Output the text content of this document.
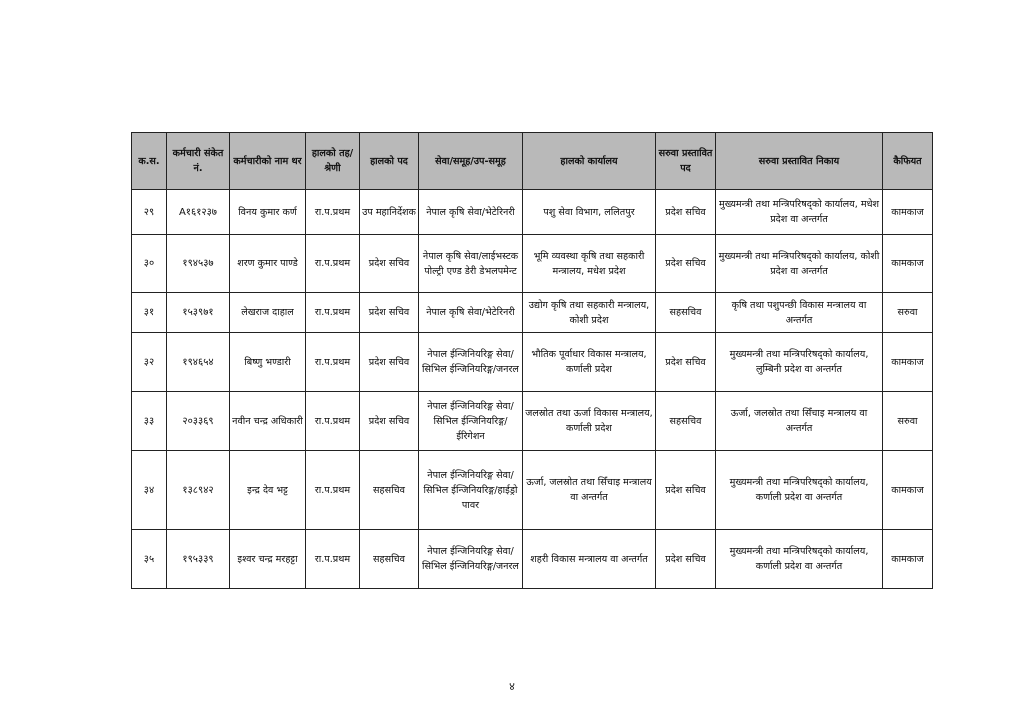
क.स.	कर्मचारी संकेत नं.	कर्मचारीको नाम थर	हालको तह/श्रेणी	हालको पद	सेवा/समूह/उप-समूह	हालको कार्यालय	सरुवा प्रस्तावित पद	सरुवा प्रस्तावित निकाय	कैफियत
२९	A१६१२३७	विनय कुमार कर्ण	रा.प.प्रथम	उप महानिर्देशक	नेपाल कृषि सेवा/भेटेरिनरी	पशु सेवा विभाग, ललितपुर	प्रदेश सचिव	मुख्यमन्त्री तथा मन्त्रिपरिषद्को कार्यालय, मधेश प्रदेश वा अन्तर्गत	कामकाज
३०	१९४५३७	शरण कुमार पाण्डे	रा.प.प्रथम	प्रदेश सचिव	नेपाल कृषि सेवा/लाईभस्टक पोल्ट्री एण्ड डेरी डेभलपमेन्ट	भूमि व्यवस्था कृषि तथा सहकारी मन्त्रालय, मधेश प्रदेश	प्रदेश सचिव	मुख्यमन्त्री तथा मन्त्रिपरिषद्को कार्यालय, कोशी प्रदेश वा अन्तर्गत	कामकाज
३१	१५३९७१	लेखराज दाहाल	रा.प.प्रथम	प्रदेश सचिव	नेपाल कृषि सेवा/भेटेरिनरी	उद्योग कृषि तथा सहकारी मन्त्रालय, कोशी प्रदेश	सहसचिव	कृषि तथा पशुपन्छी विकास मन्त्रालय वा अन्तर्गत	सरुवा
३२	१९४६५४	बिष्णु भण्डारी	रा.प.प्रथम	प्रदेश सचिव	नेपाल ईन्जिनियरिङ्ग सेवा/सिभिल ईन्जिनियरिङ्ग/जनरल	भौतिक पूर्वाधार विकास मन्त्रालय, कर्णाली प्रदेश	प्रदेश सचिव	मुख्यमन्त्री तथा मन्त्रिपरिषद्को कार्यालय, लुम्बिनी प्रदेश वा अन्तर्गत	कामकाज
३३	२०३३६९	नवीन चन्द्र अधिकारी	रा.प.प्रथम	प्रदेश सचिव	नेपाल ईन्जिनियरिङ्ग सेवा/सिभिल ईन्जिनियरिङ्ग/ईरिगेशन	जलस्रोत तथा ऊर्जा विकास मन्त्रालय, कर्णाली प्रदेश	सहसचिव	ऊर्जा, जलस्रोत तथा सिँचाइ मन्त्रालय वा अन्तर्गत	सरुवा
३४	१३८९४२	इन्द्र देव भट्ट	रा.प.प्रथम	सहसचिव	नेपाल ईन्जिनियरिङ्ग सेवा/सिभिल ईन्जिनियरिङ्ग/हाईड्रो पावर	ऊर्जा, जलस्रोत तथा सिँचाइ मन्त्रालय वा अन्तर्गत	प्रदेश सचिव	मुख्यमन्त्री तथा मन्त्रिपरिषद्को कार्यालय, कर्णाली प्रदेश वा अन्तर्गत	कामकाज
३५	१९५३३९	इश्वर चन्द्र मरहट्टा	रा.प.प्रथम	सहसचिव	नेपाल ईन्जिनियरिङ्ग सेवा/सिभिल ईन्जिनियरिङ्ग/जनरल	शहरी विकास मन्त्रालय वा अन्तर्गत	प्रदेश सचिव	मुख्यमन्त्री तथा मन्त्रिपरिषद्को कार्यालय, कर्णाली प्रदेश वा अन्तर्गत	कामकाज
४
